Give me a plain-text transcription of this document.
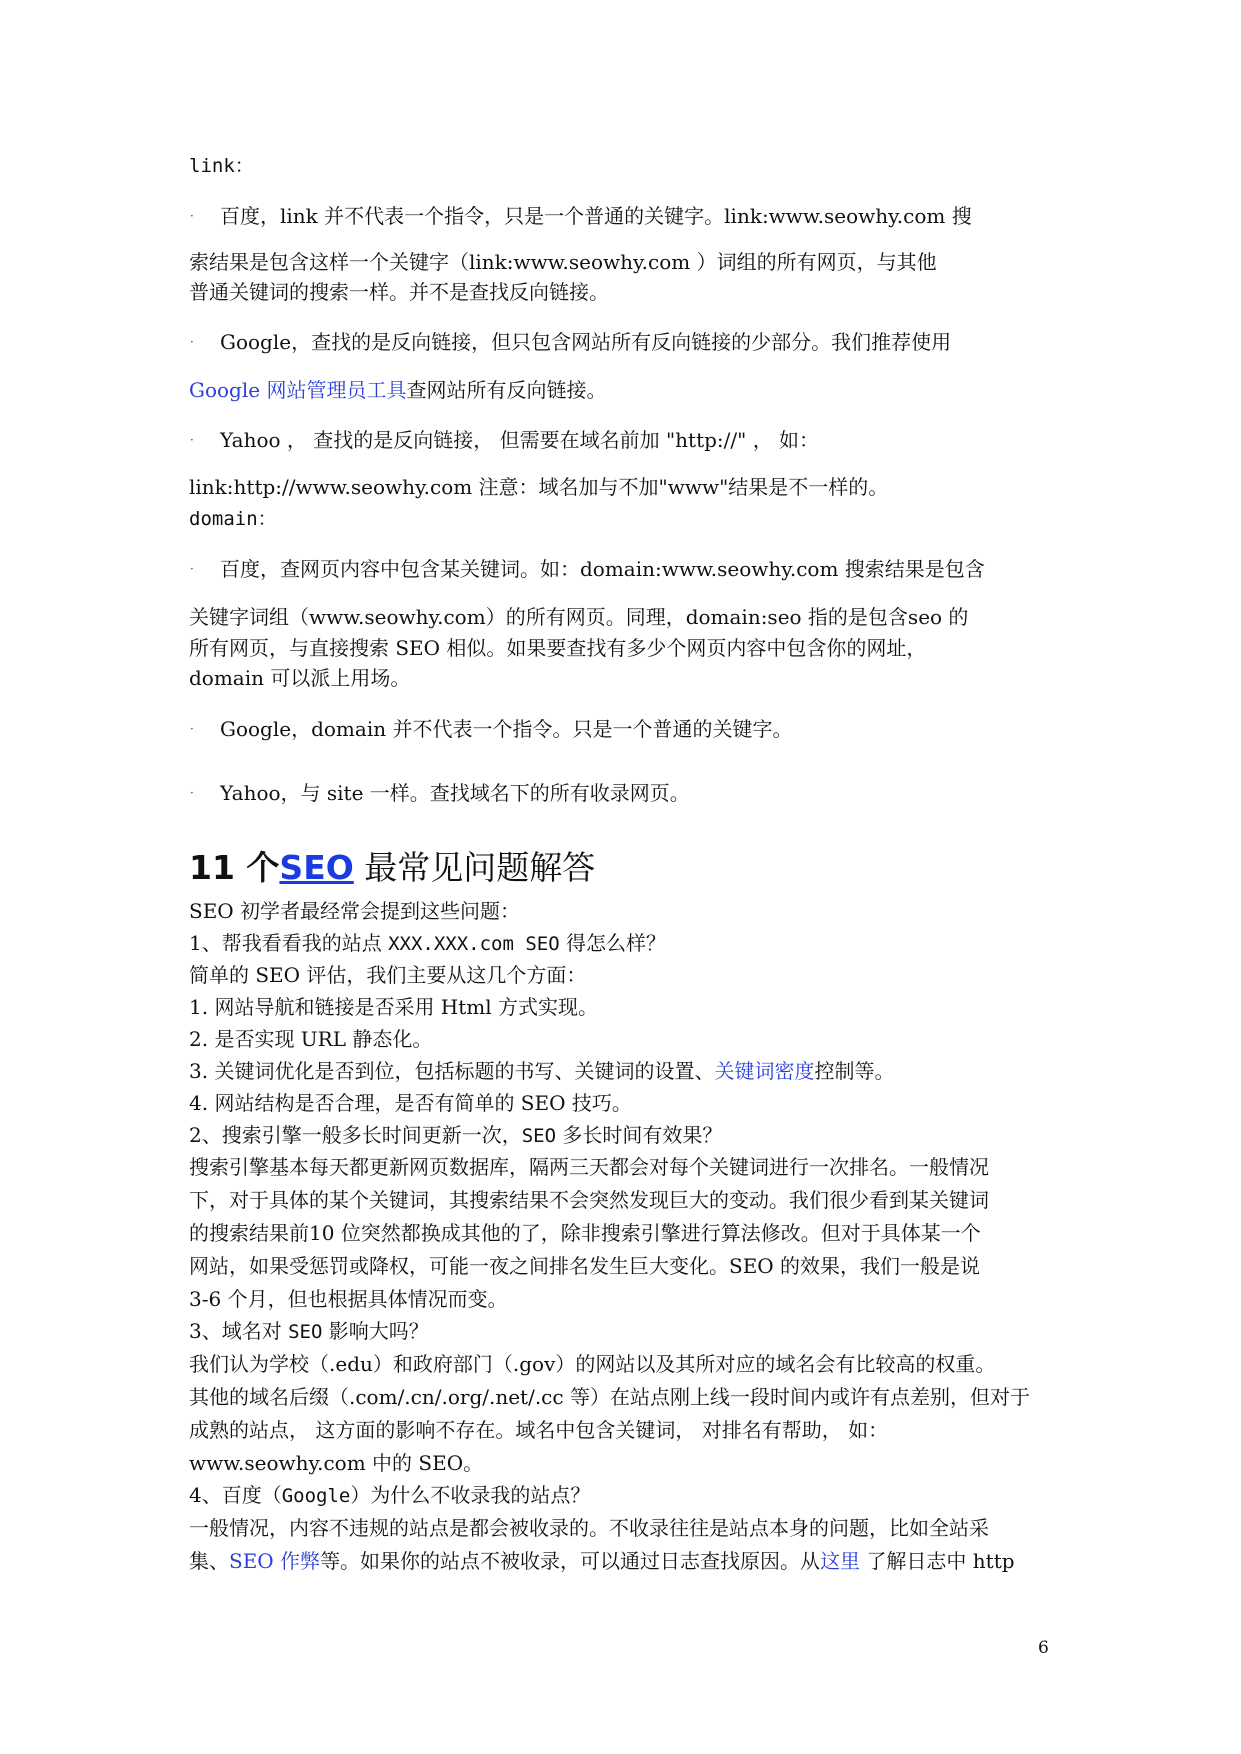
link：
· 百度，link 并不代表一个指令，只是一个普通的关键字。link:www.seowhy.com 搜
索结果是包含这样一个关键字（link:www.seowhy.com ）词组的所有网页，与其他
普通关键词的搜索一样。并不是查找反向链接。
· Google，查找的是反向链接，但只包含网站所有反向链接的少部分。我们推荐使用
Google 网站管理员工具查网站所有反向链接。
· Yahoo ， 查找的是反向链接， 但需要在域名前加 "http://" ， 如：
link:http://www.seowhy.com 注意：域名加与不加"www"结果是不一样的。
domain：
· 百度，查网页内容中包含某关键词。如：domain:www.seowhy.com 搜索结果是包含
关键字词组（www.seowhy.com）的所有网页。同理，domain:seo 指的是包含seo 的
所有网页，与直接搜索 SEO 相似。如果要查找有多少个网页内容中包含你的网址，
domain 可以派上用场。
· Google，domain 并不代表一个指令。只是一个普通的关键字。
· Yahoo，与 site 一样。查找域名下的所有收录网页。
11 个SEO 最常见问题解答
SEO 初学者最经常会提到这些问题：
1、帮我看看我的站点 XXX.XXX.com SEO 得怎么样？
简单的 SEO 评估，我们主要从这几个方面：
1. 网站导航和链接是否采用 Html 方式实现。
2. 是否实现 URL 静态化。
3. 关键词优化是否到位，包括标题的书写、关键词的设置、关键词密度控制等。
4. 网站结构是否合理，是否有简单的 SEO 技巧。
2、搜索引擎一般多长时间更新一次，SEO 多长时间有效果？
搜索引擎基本每天都更新网页数据库，隔两三天都会对每个关键词进行一次排名。一般情况
下，对于具体的某个关键词，其搜索结果不会突然发现巨大的变动。我们很少看到某关键词
的搜索结果前10 位突然都换成其他的了，除非搜索引擎进行算法修改。但对于具体某一个
网站，如果受惩罚或降权，可能一夜之间排名发生巨大变化。SEO 的效果，我们一般是说
3-6 个月，但也根据具体情况而变。
3、域名对 SEO 影响大吗？
我们认为学校（.edu）和政府部门（.gov）的网站以及其所对应的域名会有比较高的权重。
其他的域名后缀（.com/.cn/.org/.net/.cc 等）在站点刚上线一段时间内或许有点差别，但对于
成熟的站点， 这方面的影响不存在。域名中包含关键词， 对排名有帮助， 如：
www.seowhy.com 中的 SEO。
4、百度（Google）为什么不收录我的站点？
一般情况，内容不违规的站点是都会被收录的。不收录往往是站点本身的问题，比如全站采
集、SEO 作弊等。如果你的站点不被收录，可以通过日志查找原因。从这里 了解日志中 http
6
